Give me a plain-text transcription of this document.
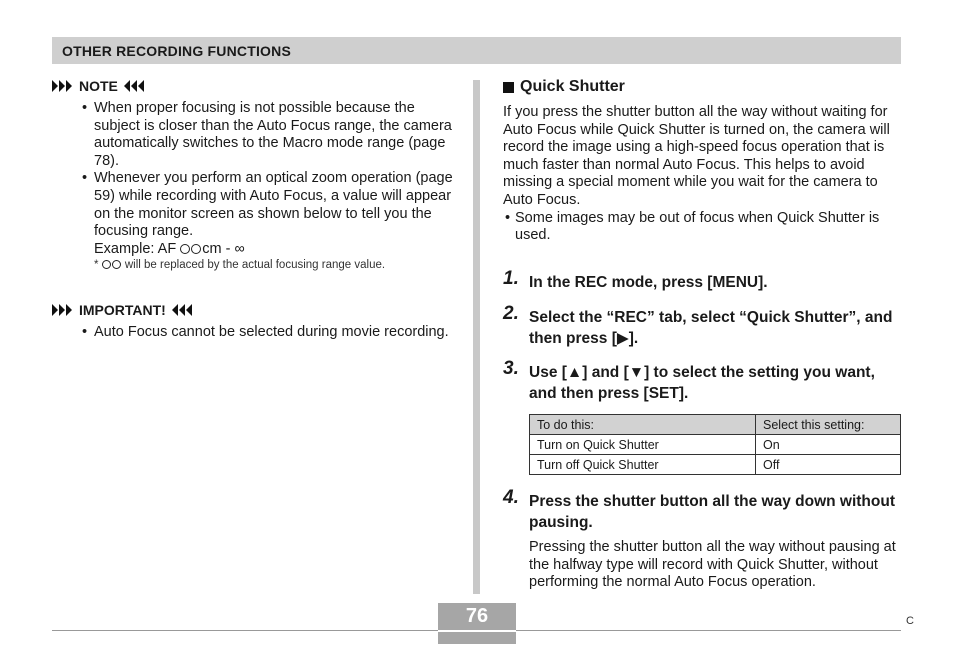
OTHER RECORDING FUNCTIONS
NOTE
• When proper focusing is not possible because the subject is closer than the Auto Focus range, the camera automatically switches to the Macro mode range (page 78).
• Whenever you perform an optical zoom operation (page 59) while recording with Auto Focus, a value will appear on the monitor screen as shown below to tell you the focusing range.
Example: AF cm - ∞
*  will be replaced by the actual focusing range value.
IMPORTANT!
• Auto Focus cannot be selected during movie recording.
Quick Shutter
If you press the shutter button all the way without waiting for Auto Focus while Quick Shutter is turned on, the camera will record the image using a high-speed focus operation that is much faster than normal Auto Focus. This helps to avoid missing a special moment while you wait for the camera to Auto Focus.
• Some images may be out of focus when Quick Shutter is used.
1. In the REC mode, press [MENU].
2. Select the “REC” tab, select “Quick Shutter”, and then press [▶].
3. Use [▲] and [▼] to select the setting you want, and then press [SET].
To do this:	Select this setting:
Turn on Quick Shutter	On
Turn off Quick Shutter	Off
4. Press the shutter button all the way down without pausing.
Pressing the shutter button all the way without pausing at the halfway type will record with Quick Shutter, without performing the normal Auto Focus operation.
76	C
